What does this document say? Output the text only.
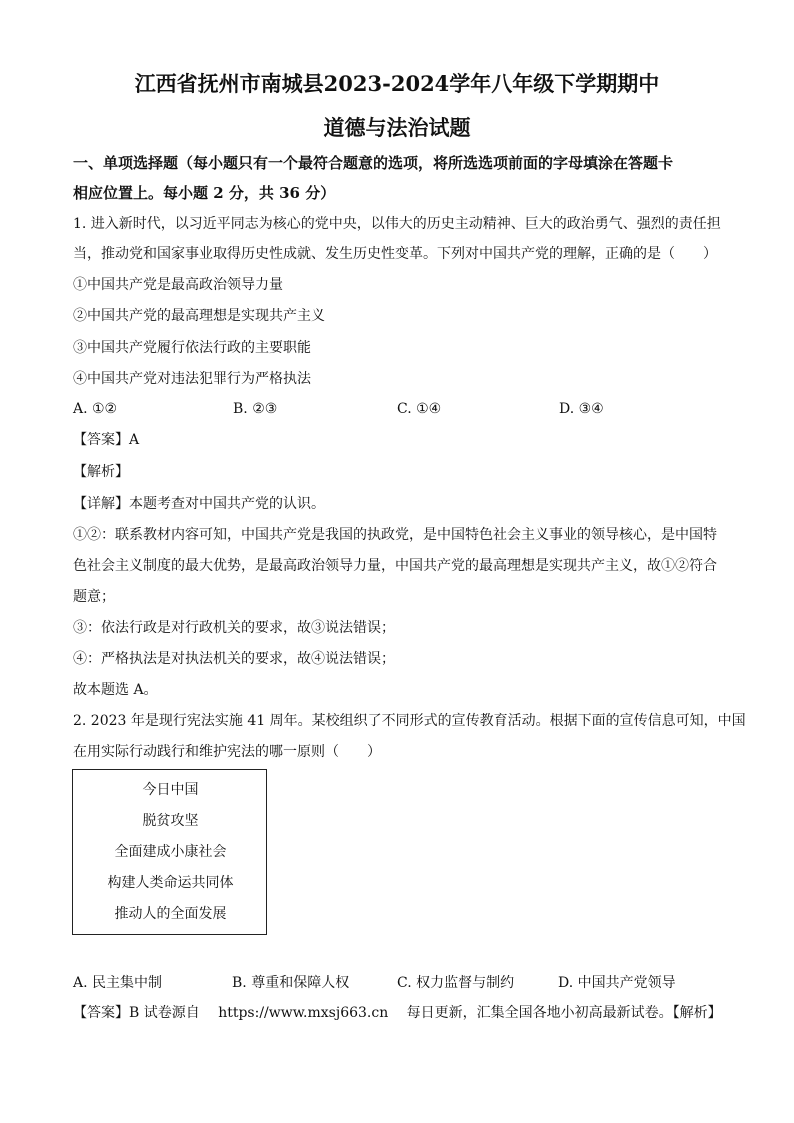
江西省抚州市南城县2023-2024学年八年级下学期期中
道德与法治试题
一、单项选择题（每小题只有一个最符合题意的选项，将所选选项前面的字母填涂在答题卡
相应位置上。每小题 2 分，共 36 分）
1. 进入新时代，以习近平同志为核心的党中央，以伟大的历史主动精神、巨大的政治勇气、强烈的责任担
当，推动党和国家事业取得历史性成就、发生历史性变革。下列对中国共产党的理解，正确的是（　　）
①中国共产党是最高政治领导力量
②中国共产党的最高理想是实现共产主义
③中国共产党履行依法行政的主要职能
④中国共产党对违法犯罪行为严格执法
A. ①②	B. ②③	C. ①④	D. ③④
【答案】A
【解析】
【详解】本题考查对中国共产党的认识。
①②：联系教材内容可知，中国共产党是我国的执政党，是中国特色社会主义事业的领导核心，是中国特
色社会主义制度的最大优势，是最高政治领导力量，中国共产党的最高理想是实现共产主义，故①②符合
题意；
③：依法行政是对行政机关的要求，故③说法错误；
④：严格执法是对执法机关的要求，故④说法错误；
故本题选 A。
2. 2023 年是现行宪法实施 41 周年。某校组织了不同形式的宣传教育活动。根据下面的宣传信息可知，中国
在用实际行动践行和维护宪法的哪一原则（　　）
今日中国
脱贫攻坚
全面建成小康社会
构建人类命运共同体
推动人的全面发展
A. 民主集中制	B. 尊重和保障人权	C. 权力监督与制约	D. 中国共产党领导
【答案】B 试卷源自　 https://www.mxsj663.cn　 每日更新，汇集全国各地小初高最新试卷。【解析】
